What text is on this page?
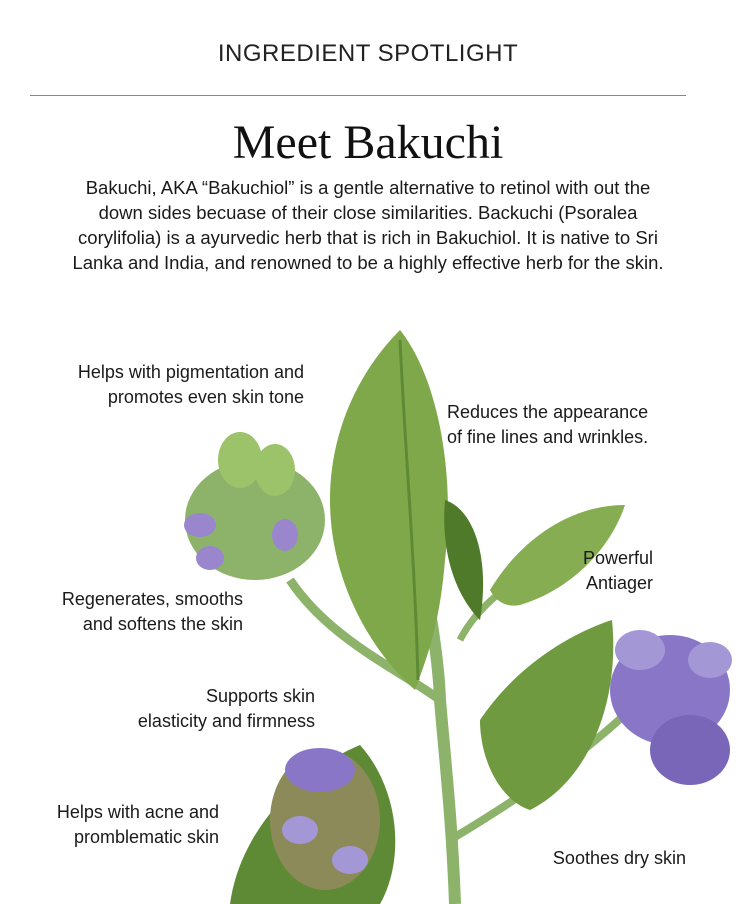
INGREDIENT SPOTLIGHT
Meet Bakuchi
Bakuchi, AKA “Bakuchiol” is a gentle alternative to retinol with out the
down sides becuase of their close similarities. Backuchi (Psoralea
corylifolia) is a ayurvedic herb that is rich in Bakuchiol. It is native to Sri
Lanka and India, and renowned to be a highly effective herb for the skin.
Helps with pigmentation and
promotes even skin tone
Reduces the appearance
of fine lines and wrinkles.
Powerful
Antiager
Regenerates, smooths
and softens the skin
Supports skin
elasticity and firmness
Helps with acne and
promblematic skin
Soothes dry skin
